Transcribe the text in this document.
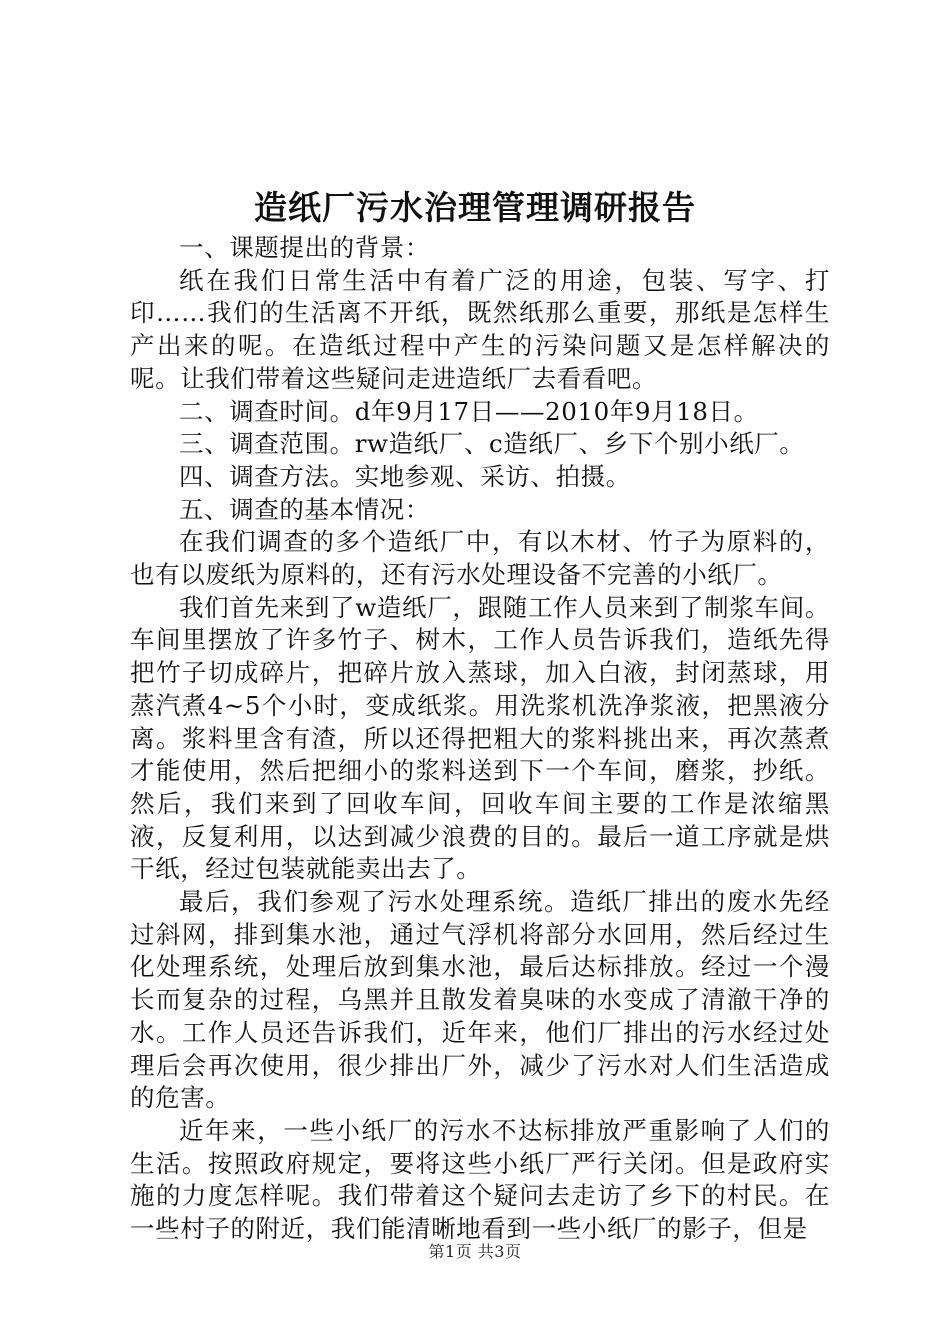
造纸厂污水治理管理调研报告

一、课题提出的背景：

纸在我们日常生活中有着广泛的用途，包装、写字、打印……我们的生活离不开纸，既然纸那么重要，那纸是怎样生产出来的呢。在造纸过程中产生的污染问题又是怎样解决的呢。让我们带着这些疑问走进造纸厂去看看吧。

二、调查时间。d年9月17日——2010年9月18日。

三、调查范围。rw造纸厂、c造纸厂、乡下个别小纸厂。

四、调查方法。实地参观、采访、拍摄。

五、调查的基本情况：

在我们调查的多个造纸厂中，有以木材、竹子为原料的，也有以废纸为原料的，还有污水处理设备不完善的小纸厂。

我们首先来到了w造纸厂，跟随工作人员来到了制浆车间。车间里摆放了许多竹子、树木，工作人员告诉我们，造纸先得把竹子切成碎片，把碎片放入蒸球，加入白液，封闭蒸球，用蒸汽煮4~5个小时，变成纸浆。用洗浆机洗净浆液，把黑液分离。浆料里含有渣，所以还得把粗大的浆料挑出来，再次蒸煮才能使用，然后把细小的浆料送到下一个车间，磨浆，抄纸。然后，我们来到了回收车间，回收车间主要的工作是浓缩黑液，反复利用，以达到减少浪费的目的。最后一道工序就是烘干纸，经过包装就能卖出去了。

最后，我们参观了污水处理系统。造纸厂排出的废水先经过斜网，排到集水池，通过气浮机将部分水回用，然后经过生化处理系统，处理后放到集水池，最后达标排放。经过一个漫长而复杂的过程，乌黑并且散发着臭味的水变成了清澈干净的水。工作人员还告诉我们，近年来，他们厂排出的污水经过处理后会再次使用，很少排出厂外，减少了污水对人们生活造成的危害。

近年来，一些小纸厂的污水不达标排放严重影响了人们的生活。按照政府规定，要将这些小纸厂严行关闭。但是政府实施的力度怎样呢。我们带着这个疑问去走访了乡下的村民。在一些村子的附近，我们能清晰地看到一些小纸厂的影子，但是

第1页 共3页
